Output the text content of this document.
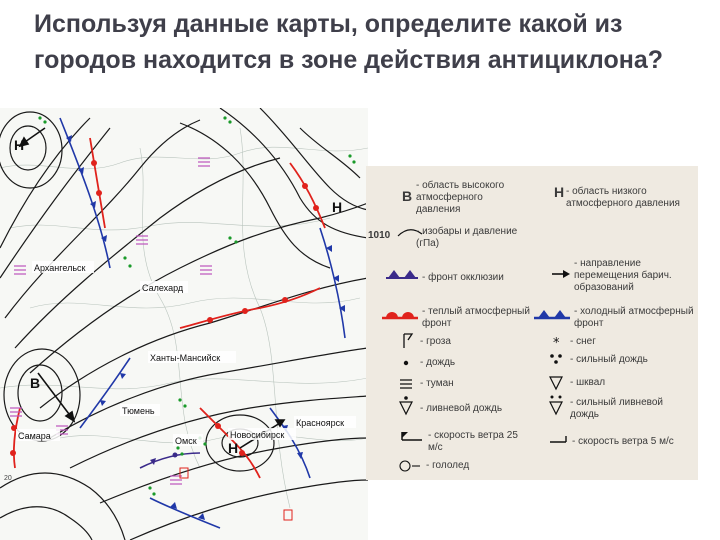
Используя данные карты, определите какой из городов находится в зоне действия антициклона?
Н
Н
В
Н
Архангельск
Салехард
Ханты-Мансийск
Тюмень
Омск
Новосибирск
Красноярск
Самара
20
*
В
- область высокого
атмосферного
давления
Н - область низкого
атмосферного давления
1010	- изобары и давление
(гПа)
- фронт окклюзии
- направление
перемещения барич.
образований
- теплый атмосферный
фронт
- холодный атмосферный
фронт
- гроза	- снег
- дождь	- сильный дождь
- туман	- шквал
- ливневой дождь
- сильный ливневой
дождь
- скорость ветра 25
м/с
- скорость ветра 5 м/с
- гололед
